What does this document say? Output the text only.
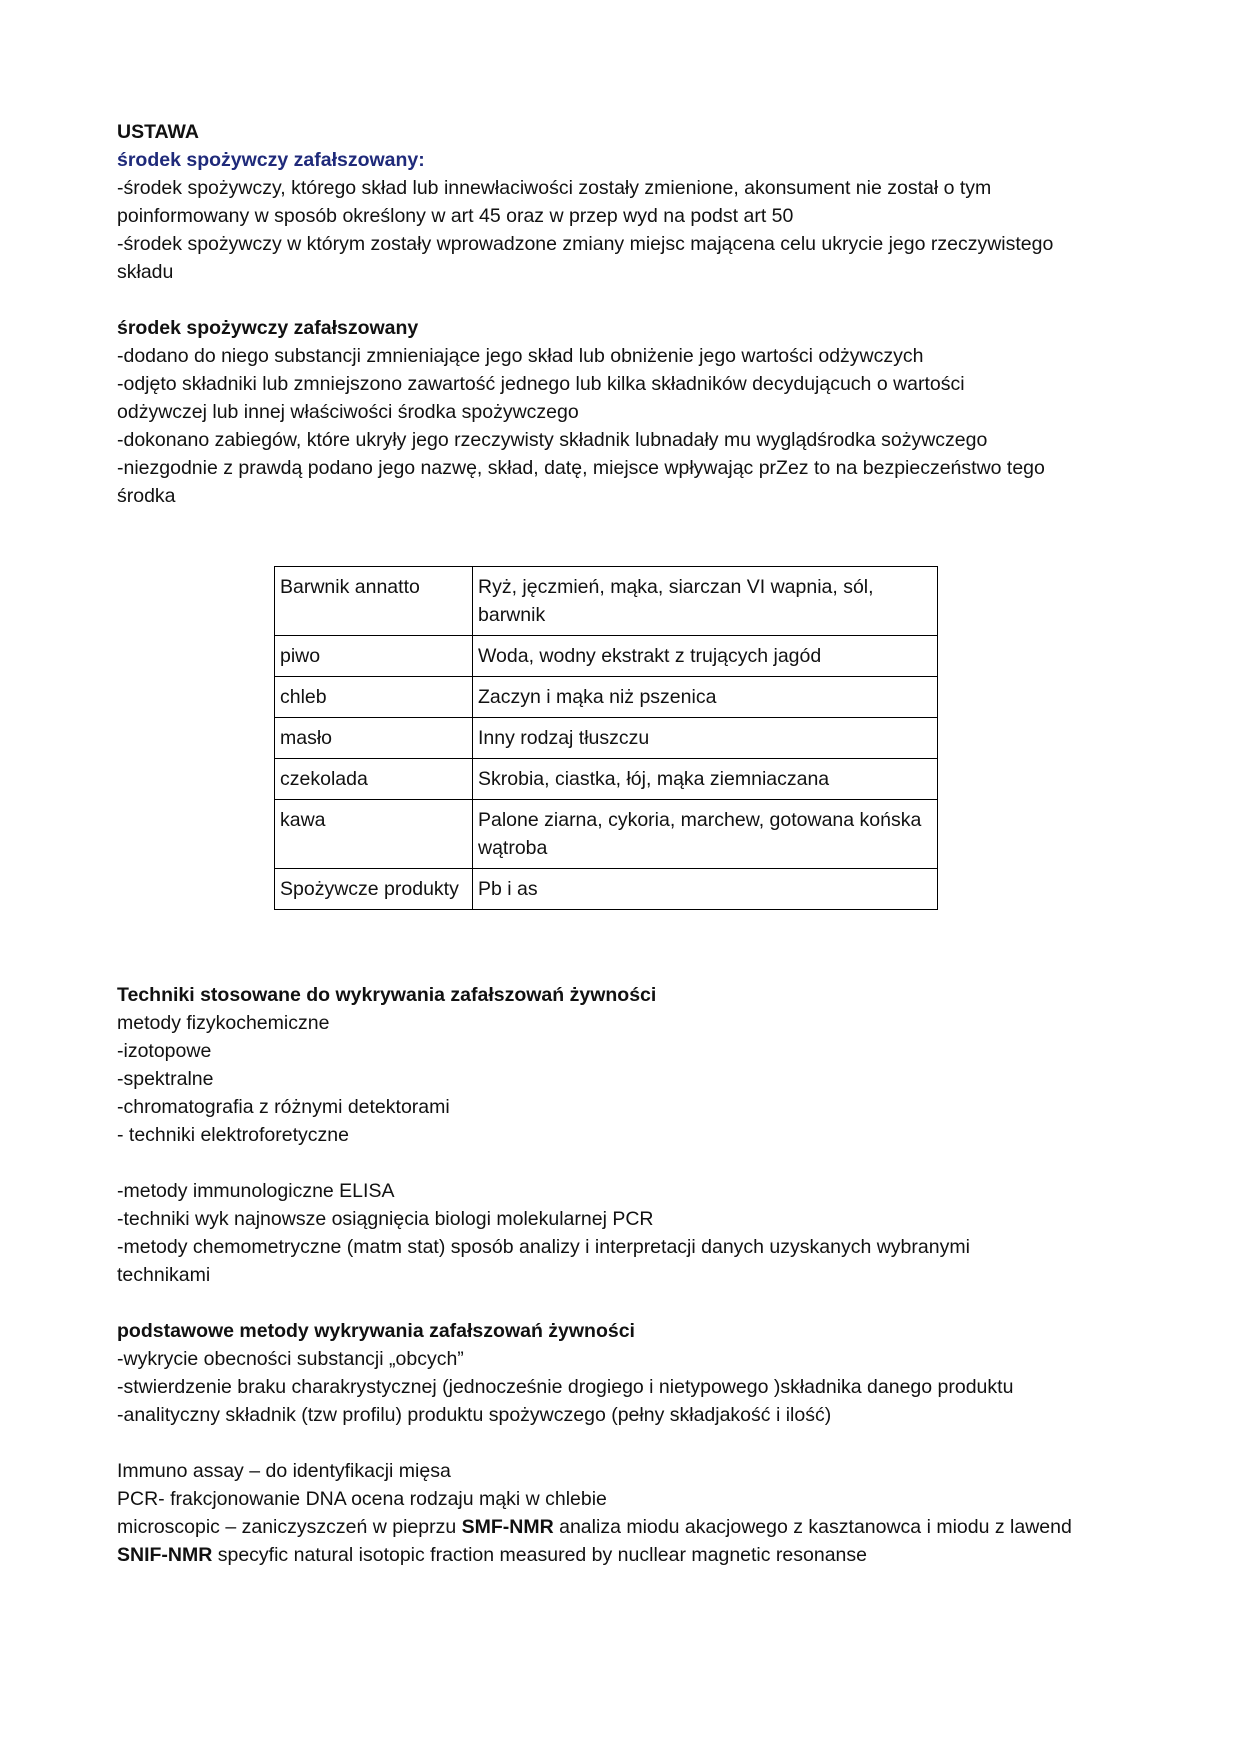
USTAWA

środek spożywczy zafałszowany:

-środek spożywczy, którego skład lub innewłaciwości zostały zmienione, akonsument nie został o tym

poinformowany w sposób określony w art 45 oraz w przep wyd na podst art 50

-środek spożywczy w którym zostały wprowadzone zmiany miejsc mającena celu ukrycie jego rzeczywistego

składu

środek spożywczy zafałszowany

-dodano do niego substancji zmnieniające jego skład lub obniżenie jego wartości odżywczych

-odjęto składniki lub zmniejszono zawartość jednego lub kilka składników decydującuch o wartości

odżywczej lub innej właściwości środka spożywczego

-dokonano zabiegów, które ukryły jego rzeczywisty składnik lubnadały mu wyglądśrodka sożywczego

-niezgodnie z prawdą podano jego nazwę, skład, datę, miejsce wpływając prZez to na bezpieczeństwo tego

środka

Barwnik annatto	Ryż, jęczmień, mąka, siarczan VI wapnia, sól, barwnik
piwo	Woda, wodny ekstrakt z trujących jagód
chleb	Zaczyn i mąka niż pszenica
masło	Inny rodzaj tłuszczu
czekolada	Skrobia, ciastka, łój, mąka ziemniaczana
kawa	Palone ziarna, cykoria, marchew, gotowana końska wątroba
Spożywcze produkty	Pb i as

Techniki stosowane do wykrywania zafałszowań żywności

metody fizykochemiczne

-izotopowe

-spektralne

-chromatografia z różnymi detektorami

- techniki elektroforetyczne

-metody immunologiczne ELISA

-techniki wyk najnowsze osiągnięcia biologi molekularnej PCR

-metody chemometryczne (matm stat) sposób analizy i interpretacji danych uzyskanych wybranymi

technikami

podstawowe metody wykrywania zafałszowań żywności

-wykrycie obecności substancji „obcych”

-stwierdzenie braku charakrystycznej (jednocześnie drogiego i nietypowego )składnika danego produktu

-analityczny składnik (tzw profilu) produktu spożywczego (pełny składjakość i ilość)

Immuno assay – do identyfikacji mięsa

PCR- frakcjonowanie DNA ocena rodzaju mąki w chlebie

microscopic – zaniczyszczeń w pieprzu SMF-NMR analiza miodu akacjowego z kasztanowca i miodu z lawend

SNIF-NMR specyfic natural isotopic fraction measured by nucllear magnetic resonanse
